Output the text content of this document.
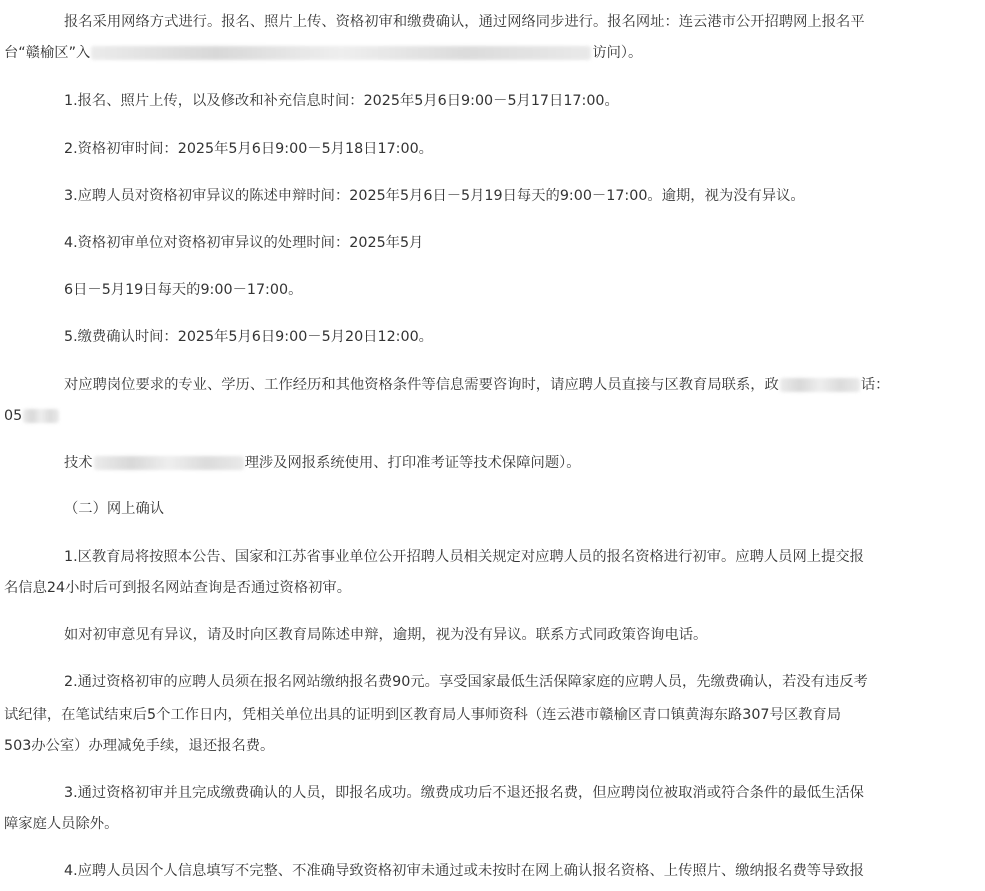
报名采用网络方式进行。报名、照片上传、资格初审和缴费确认，通过网络同步进行。报名网址：连云港市公开招聘网上报名平

台“赣榆区”入	访问）。

1.报名、照片上传，以及修改和补充信息时间：2025年5月6日9:00－5月17日17:00。

2.资格初审时间：2025年5月6日9:00－5月18日17:00。

3.应聘人员对资格初审异议的陈述申辩时间：2025年5月6日－5月19日每天的9:00－17:00。逾期，视为没有异议。

4.资格初审单位对资格初审异议的处理时间：2025年5月

6日－5月19日每天的9:00－17:00。

5.缴费确认时间：2025年5月6日9:00－5月20日12:00。

对应聘岗位要求的专业、学历、工作经历和其他资格条件等信息需要咨询时，请应聘人员直接与区教育局联系，政	话：

05

技术	理涉及网报系统使用、打印准考证等技术保障问题）。

（二）网上确认

1.区教育局将按照本公告、国家和江苏省事业单位公开招聘人员相关规定对应聘人员的报名资格进行初审。应聘人员网上提交报

名信息24小时后可到报名网站查询是否通过资格初审。

如对初审意见有异议，请及时向区教育局陈述申辩，逾期，视为没有异议。联系方式同政策咨询电话。

2.通过资格初审的应聘人员须在报名网站缴纳报名费90元。享受国家最低生活保障家庭的应聘人员，先缴费确认，若没有违反考

试纪律，在笔试结束后5个工作日内，凭相关单位出具的证明到区教育局人事师资科（连云港市赣榆区青口镇黄海东路307号区教育局

503办公室）办理减免手续，退还报名费。

3.通过资格初审并且完成缴费确认的人员，即报名成功。缴费成功后不退还报名费，但应聘岗位被取消或符合条件的最低生活保

障家庭人员除外。

4.应聘人员因个人信息填写不完整、不准确导致资格初审未通过或未按时在网上确认报名资格、上传照片、缴纳报名费等导致报
